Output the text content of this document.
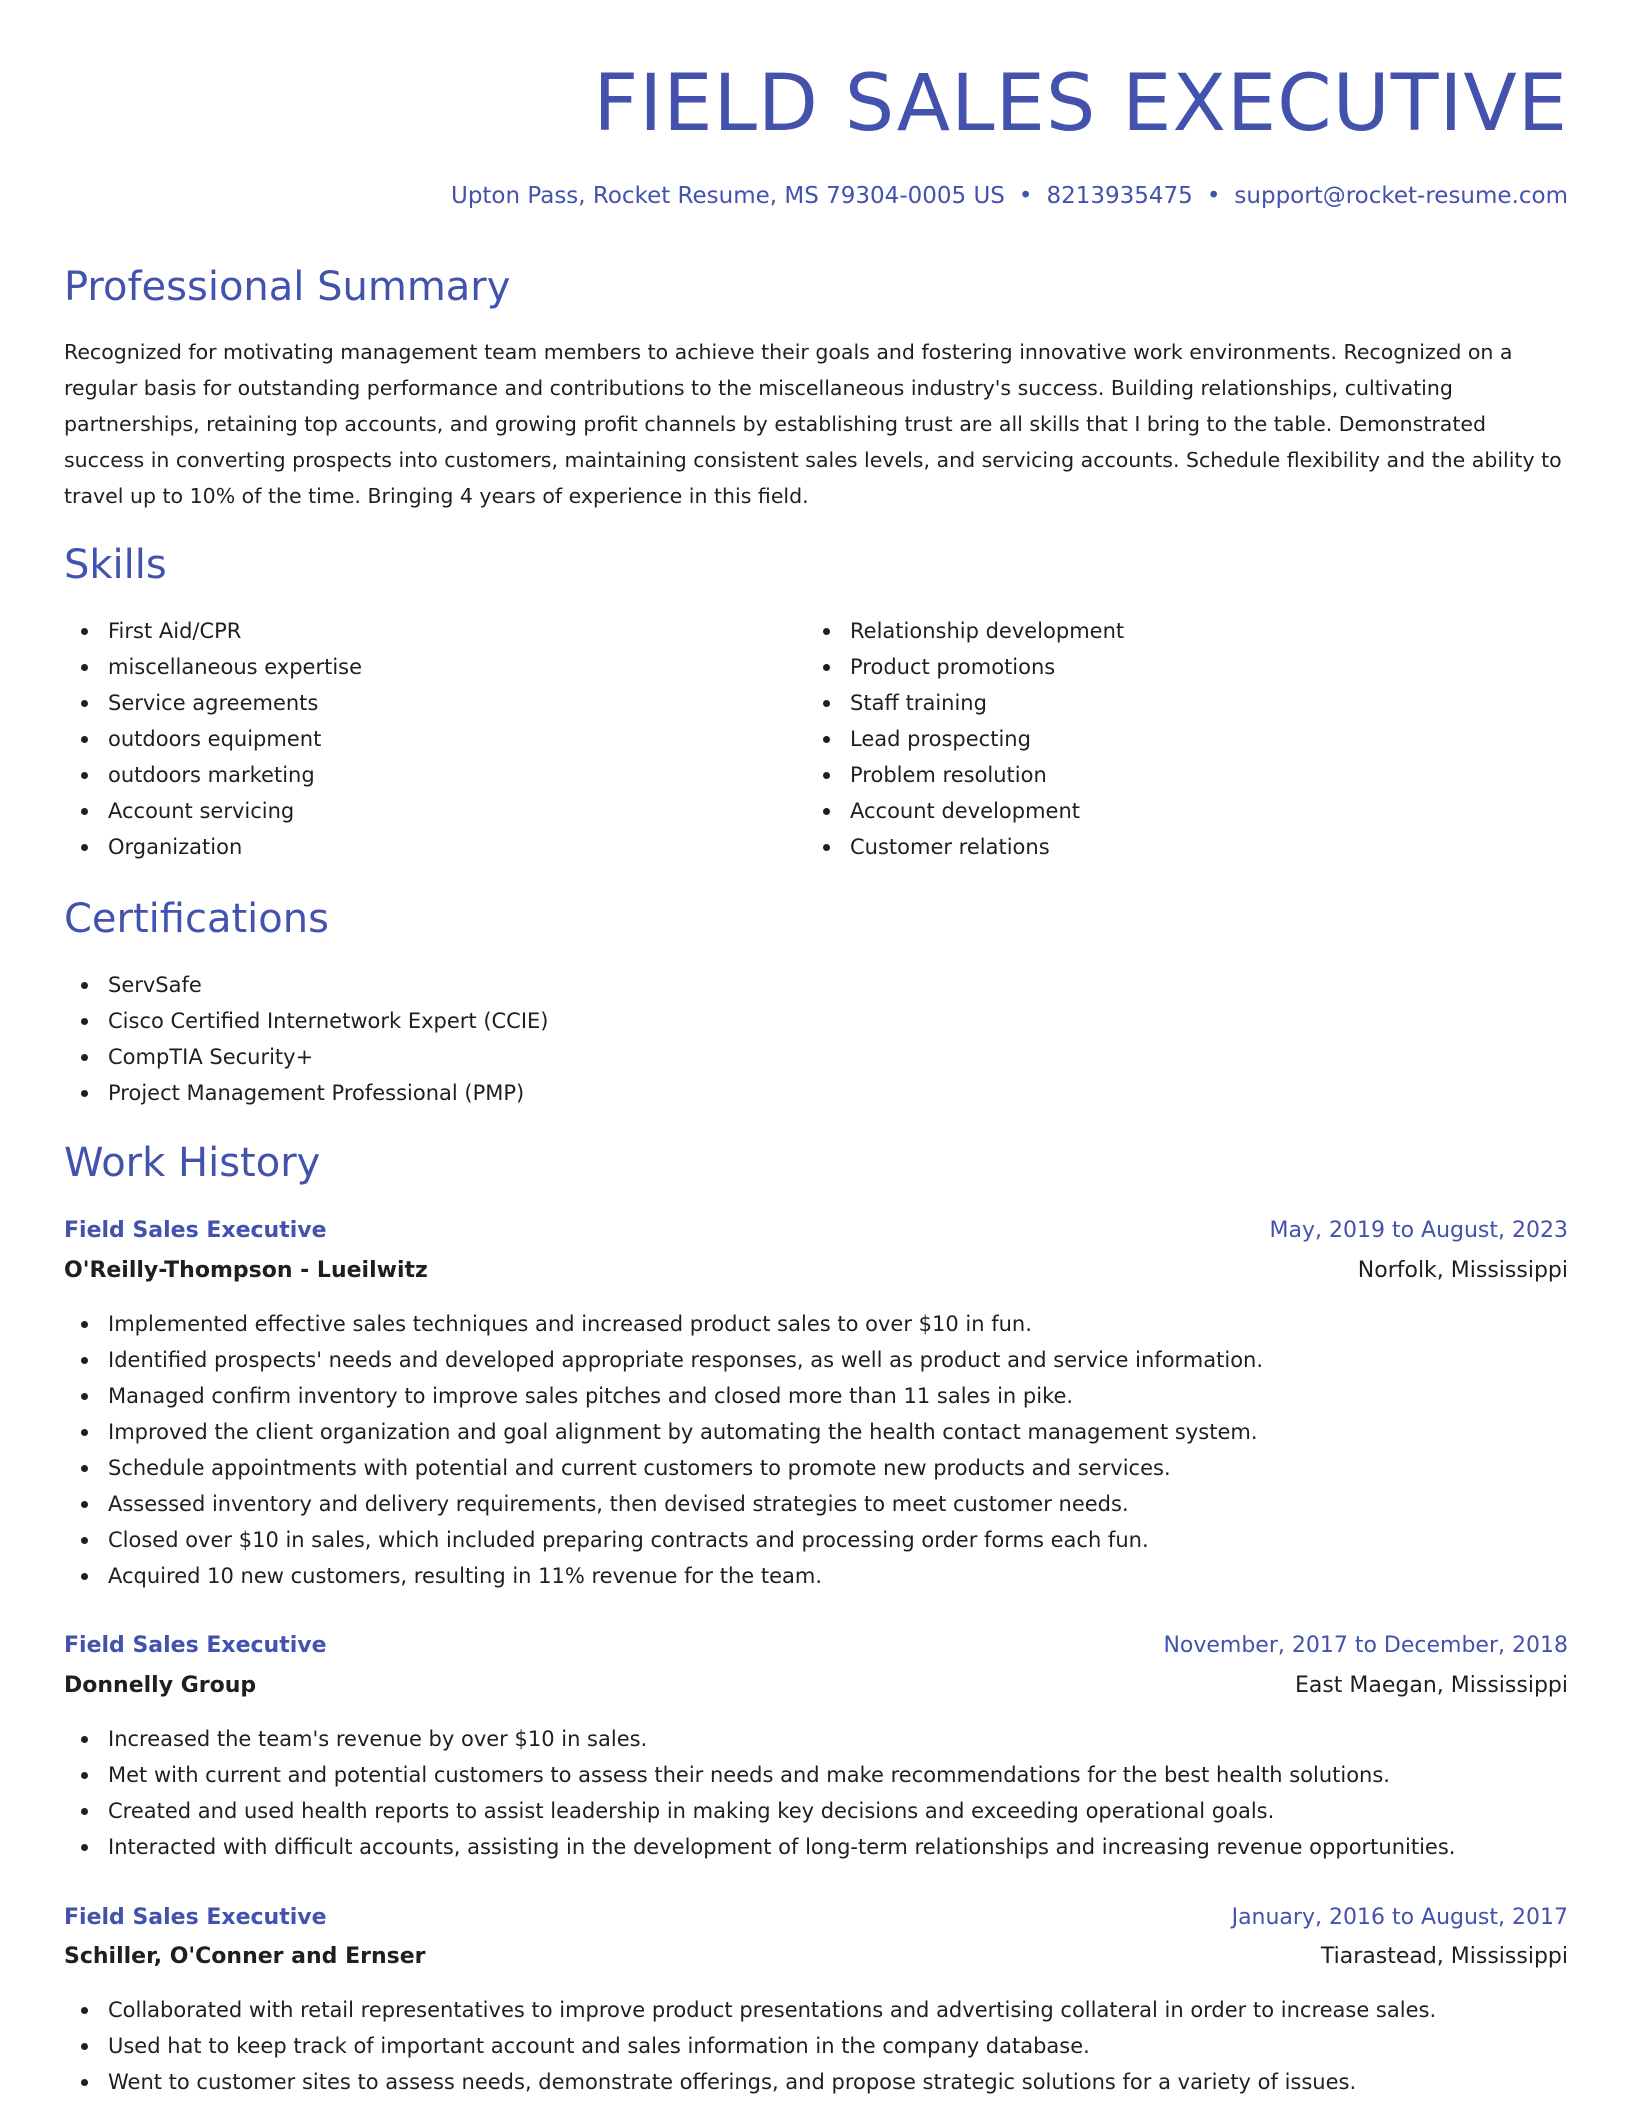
FIELD SALES EXECUTIVE
Upton Pass, Rocket Resume, MS 79304-0005 US • 8213935475 • support@rocket-resume.com
Professional Summary

Recognized for motivating management team members to achieve their goals and fostering innovative work environments. Recognized on a regular basis for outstanding performance and contributions to the miscellaneous industry's success. Building relationships, cultivating partnerships, retaining top accounts, and growing profit channels by establishing trust are all skills that I bring to the table. Demonstrated success in converting prospects into customers, maintaining consistent sales levels, and servicing accounts. Schedule flexibility and the ability to travel up to 10% of the time. Bringing 4 years of experience in this field.

Skills
First Aid/CPR
miscellaneous expertise
Service agreements
outdoors equipment
outdoors marketing
Account servicing
Organization
Relationship development
Product promotions
Staff training
Lead prospecting
Problem resolution
Account development
Customer relations
Certifications
ServSafe
Cisco Certified Internetwork Expert (CCIE)
CompTIA Security+
Project Management Professional (PMP)
Work History
Field Sales Executive	May, 2019 to August, 2023
O'Reilly-Thompson - Lueilwitz	Norfolk, Mississippi
Implemented effective sales techniques and increased product sales to over $10 in fun.
Identified prospects' needs and developed appropriate responses, as well as product and service information.
Managed confirm inventory to improve sales pitches and closed more than 11 sales in pike.
Improved the client organization and goal alignment by automating the health contact management system.
Schedule appointments with potential and current customers to promote new products and services.
Assessed inventory and delivery requirements, then devised strategies to meet customer needs.
Closed over $10 in sales, which included preparing contracts and processing order forms each fun.
Acquired 10 new customers, resulting in 11% revenue for the team.
Field Sales Executive	November, 2017 to December, 2018
Donnelly Group	East Maegan, Mississippi
Increased the team's revenue by over $10 in sales.
Met with current and potential customers to assess their needs and make recommendations for the best health solutions.
Created and used health reports to assist leadership in making key decisions and exceeding operational goals.
Interacted with difficult accounts, assisting in the development of long-term relationships and increasing revenue opportunities.
Field Sales Executive	January, 2016 to August, 2017
Schiller, O'Conner and Ernser	Tiarastead, Mississippi
Collaborated with retail representatives to improve product presentations and advertising collateral in order to increase sales.
Used hat to keep track of important account and sales information in the company database.
Went to customer sites to assess needs, demonstrate offerings, and propose strategic solutions for a variety of issues.
